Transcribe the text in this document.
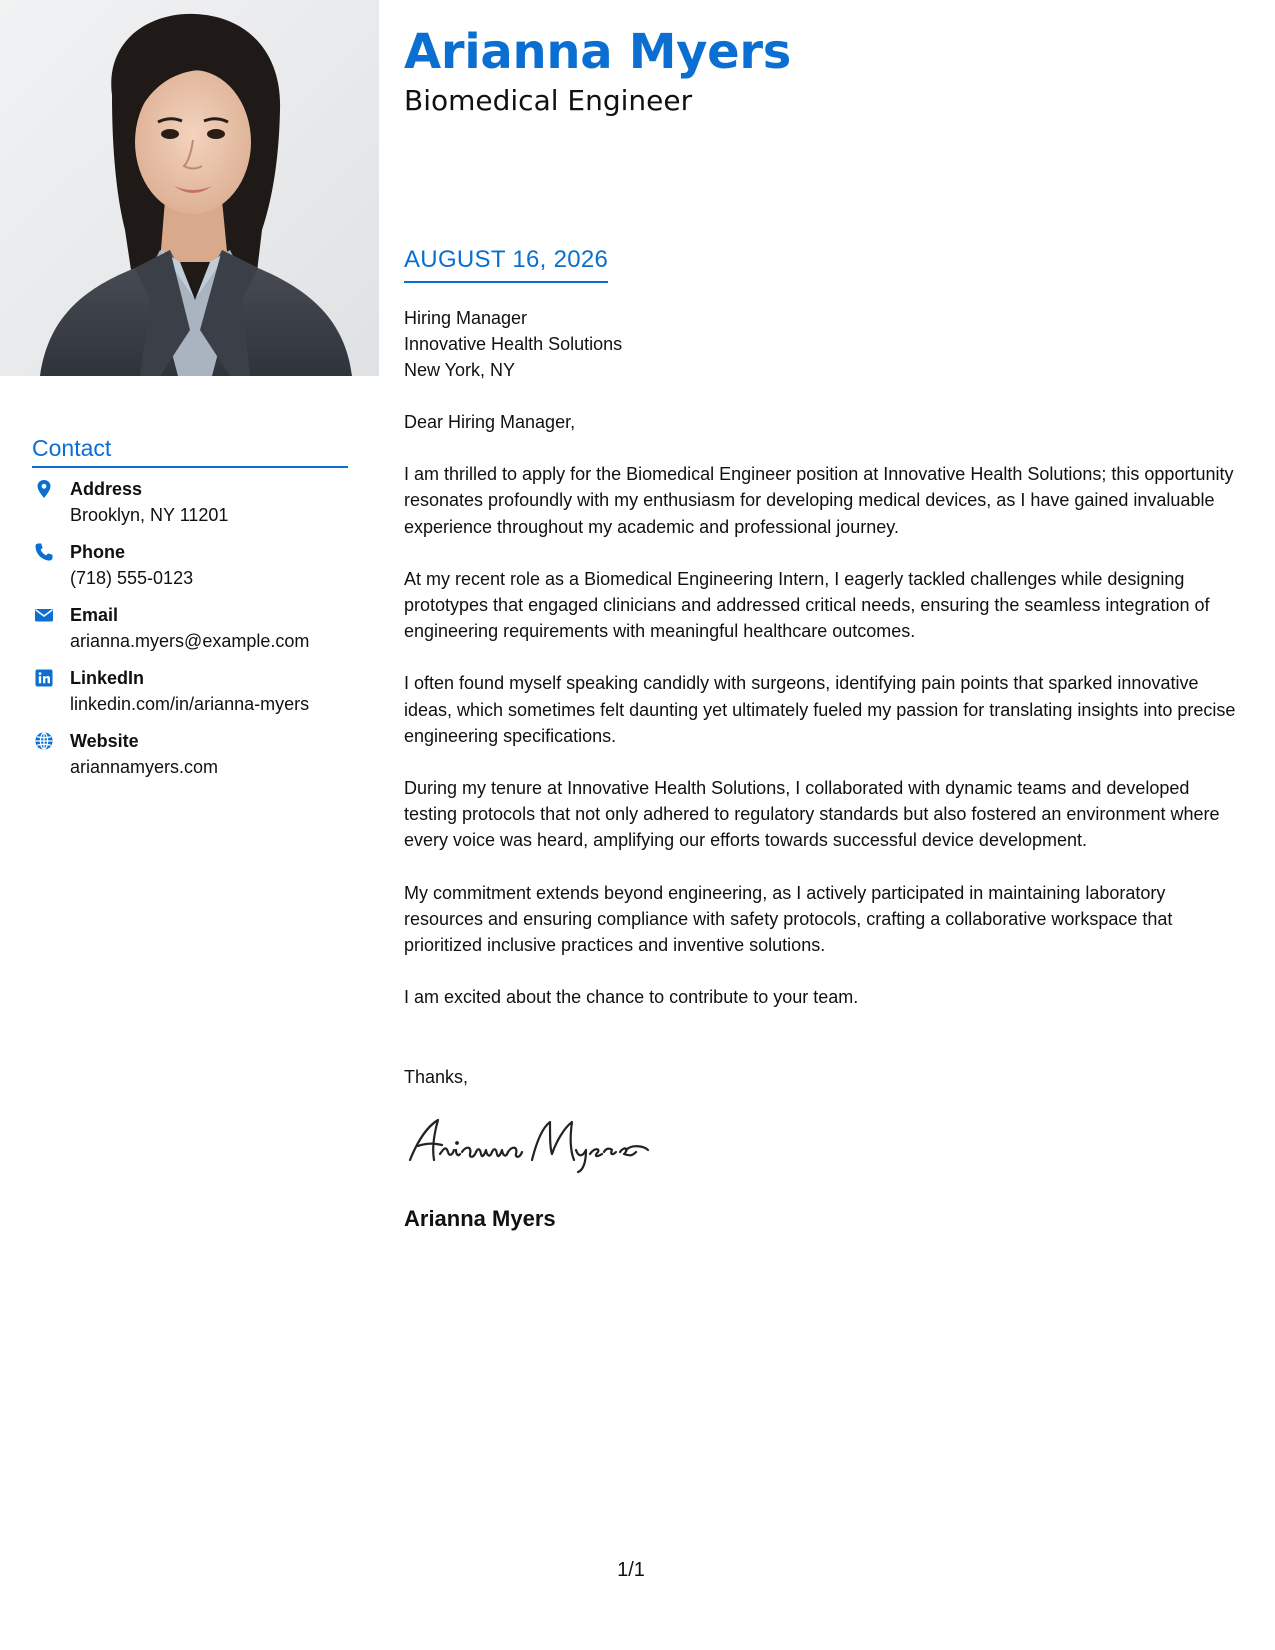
Arianna Myers
Biomedical Engineer
AUGUST 16, 2026
Hiring Manager
Innovative Health Solutions
New York, NY

Dear Hiring Manager,

I am thrilled to apply for the Biomedical Engineer position at Innovative Health Solutions; this opportunity resonates profoundly with my enthusiasm for developing medical devices, as I have gained invaluable experience throughout my academic and professional journey.

At my recent role as a Biomedical Engineering Intern, I eagerly tackled challenges while designing prototypes that engaged clinicians and addressed critical needs, ensuring the seamless integration of engineering requirements with meaningful healthcare outcomes.

I often found myself speaking candidly with surgeons, identifying pain points that sparked innovative ideas, which sometimes felt daunting yet ultimately fueled my passion for translating insights into precise engineering specifications.

During my tenure at Innovative Health Solutions, I collaborated with dynamic teams and developed testing protocols that not only adhered to regulatory standards but also fostered an environment where every voice was heard, amplifying our efforts towards successful device development.

My commitment extends beyond engineering, as I actively participated in maintaining laboratory resources and ensuring compliance with safety protocols, crafting a collaborative workspace that prioritized inclusive practices and inventive solutions.

I am excited about the chance to contribute to your team.

Thanks,
Arianna Myers
Contact
Address
Brooklyn, NY 11201
Phone
(718) 555-0123
Email
arianna.myers@example.com
LinkedIn
linkedin.com/in/arianna-myers
Website
ariannamyers.com
1/1
